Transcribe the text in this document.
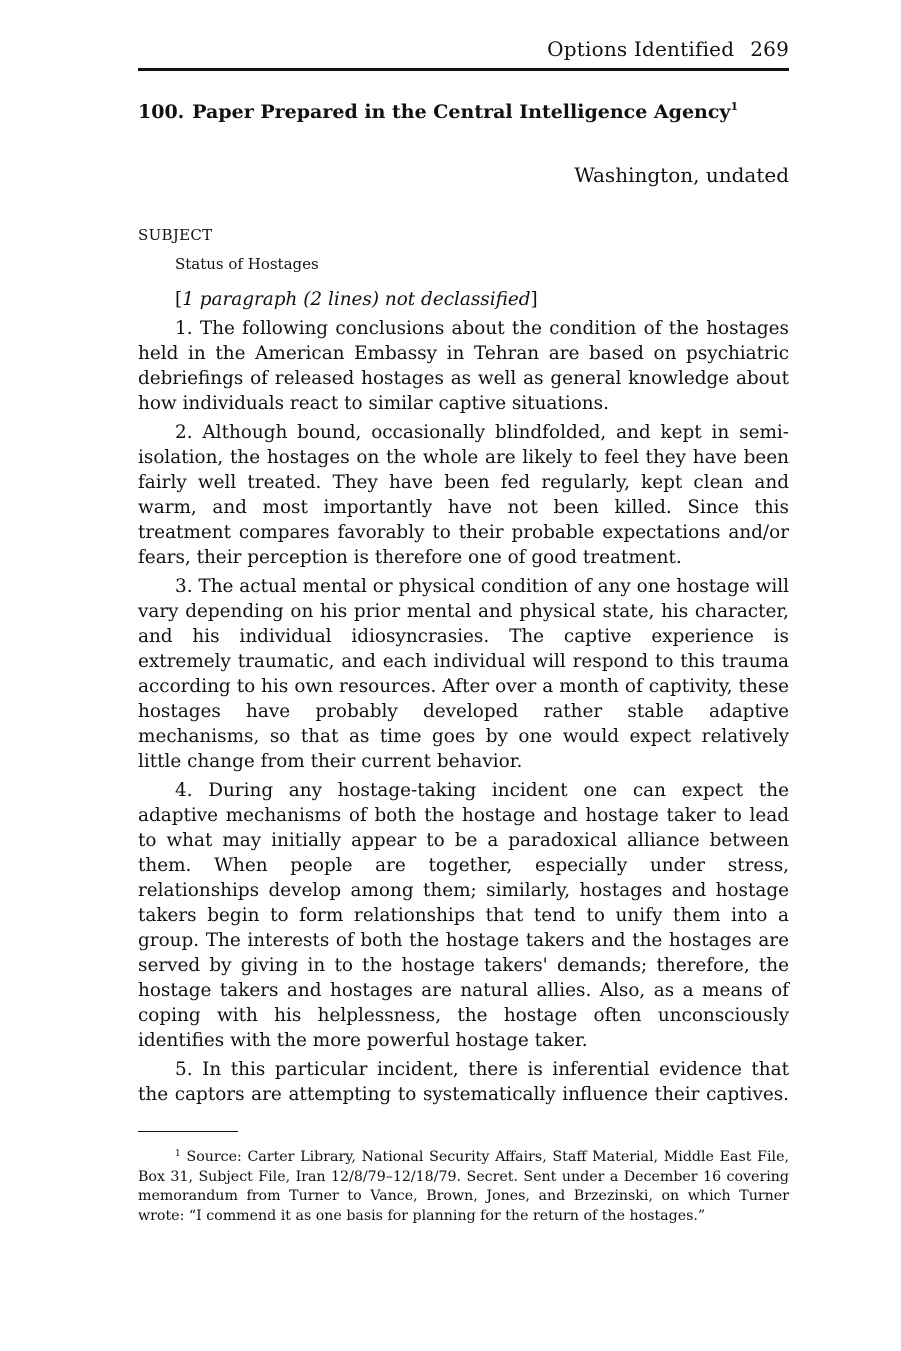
Options Identified 269
100. Paper Prepared in the Central Intelligence Agency$^1$
Washington, undated
SUBJECT
Status of Hostages

[1 paragraph (2 lines) not declassified]

1. The following conclusions about the condition of the hostages held in the American Embassy in Tehran are based on psychiatric debriefings of released hostages as well as general knowledge about how individuals react to similar captive situations.

2. Although bound, occasionally blindfolded, and kept in semi-isolation, the hostages on the whole are likely to feel they have been fairly well treated. They have been fed regularly, kept clean and warm, and most importantly have not been killed. Since this treatment compares favorably to their probable expectations and/or fears, their perception is therefore one of good treatment.

3. The actual mental or physical condition of any one hostage will vary depending on his prior mental and physical state, his character, and his individual idiosyncrasies. The captive experience is extremely traumatic, and each individual will respond to this trauma according to his own resources. After over a month of captivity, these hostages have probably developed rather stable adaptive mechanisms, so that as time goes by one would expect relatively little change from their current behavior.

4. During any hostage-taking incident one can expect the adaptive mechanisms of both the hostage and hostage taker to lead to what may initially appear to be a paradoxical alliance between them. When people are together, especially under stress, relationships develop among them; similarly, hostages and hostage takers begin to form relationships that tend to unify them into a group. The interests of both the hostage takers and the hostages are served by giving in to the hostage takers' demands; therefore, the hostage takers and hostages are natural allies. Also, as a means of coping with his helplessness, the hostage often unconsciously identifies with the more powerful hostage taker.

5. In this particular incident, there is inferential evidence that the captors are attempting to systematically influence their captives.

$^1$ Source: Carter Library, National Security Affairs, Staff Material, Middle East File, Box 31, Subject File, Iran 12/8/79–12/18/79. Secret. Sent under a December 16 covering memorandum from Turner to Vance, Brown, Jones, and Brzezinski, on which Turner wrote: “I commend it as one basis for planning for the return of the hostages.”
